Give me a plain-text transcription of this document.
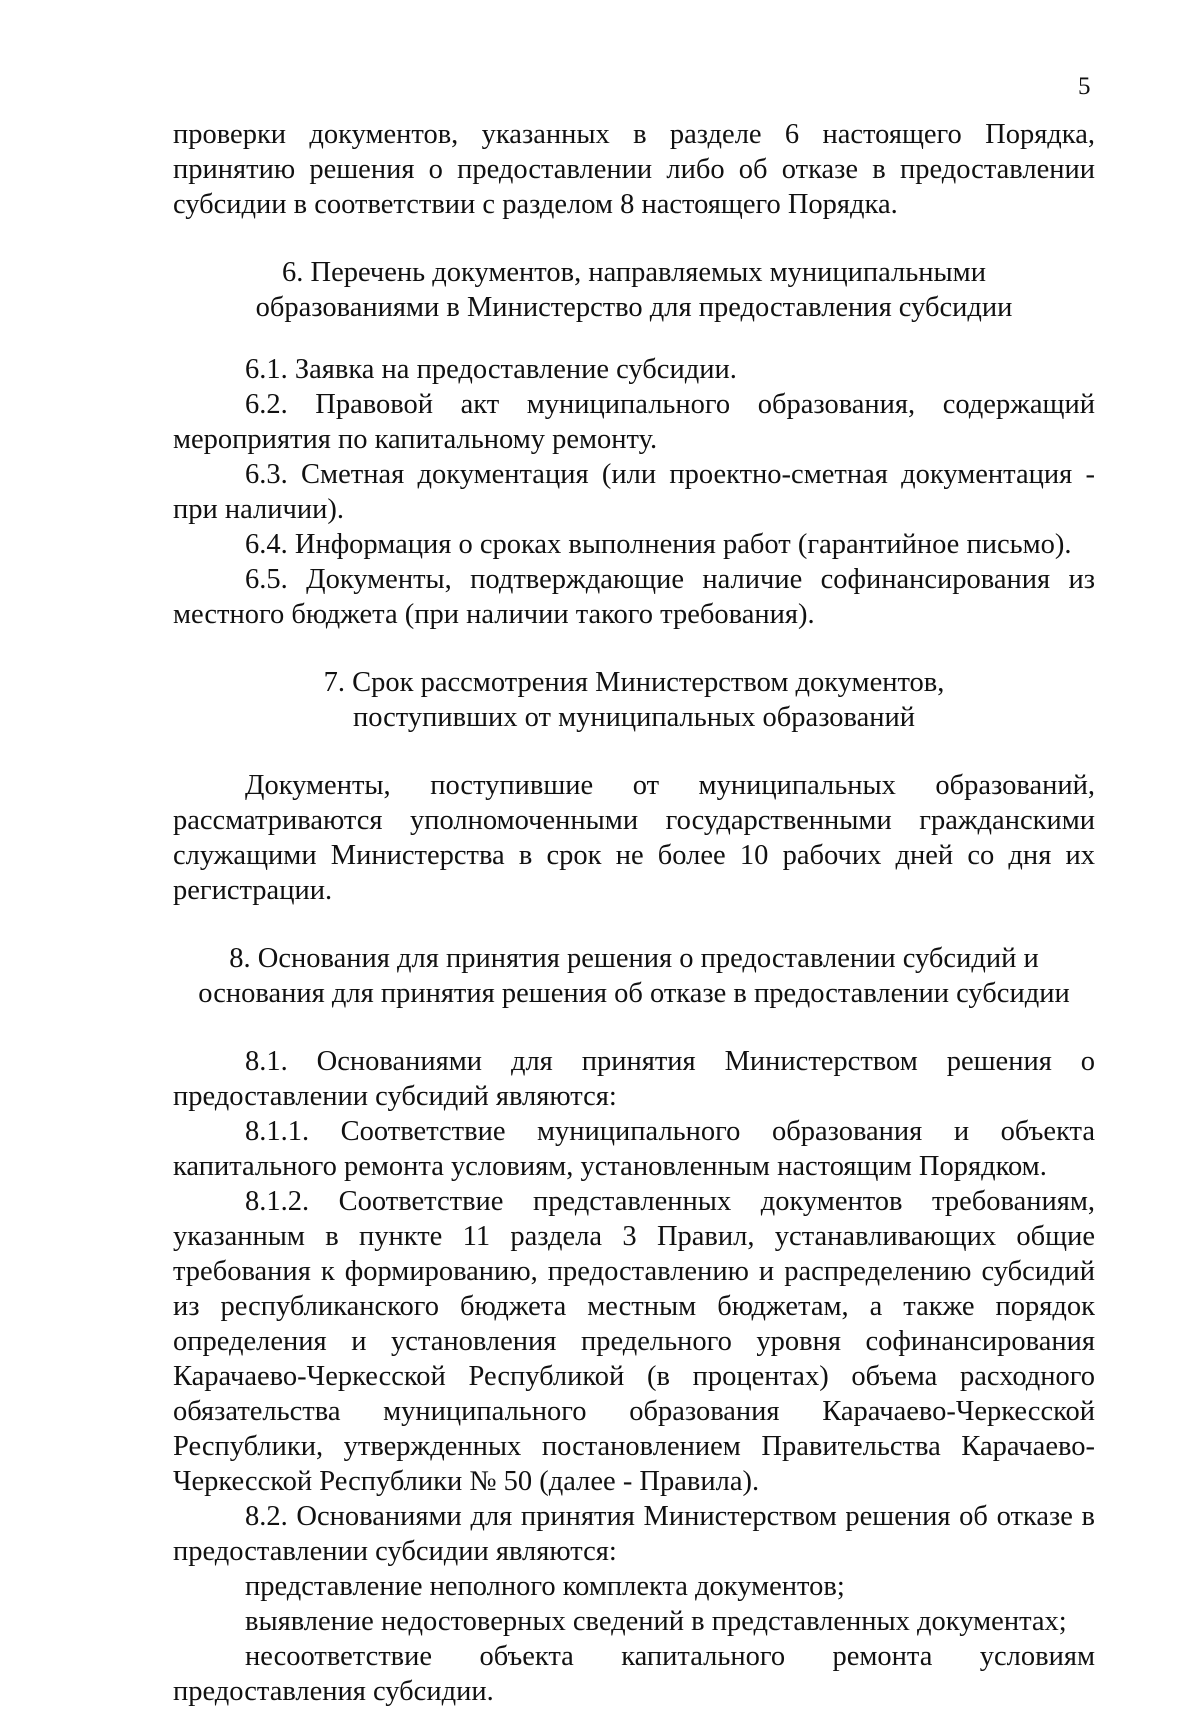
5

проверки документов, указанных в разделе 6 настоящего Порядка, принятию решения о предоставлении либо об отказе в предоставлении субсидии в соответствии с разделом 8 настоящего Порядка.

6. Перечень документов, направляемых муниципальными
образованиями в Министерство для предоставления субсидии

6.1. Заявка на предоставление субсидии.

6.2. Правовой акт муниципального образования, содержащий мероприятия по капитальному ремонту.

6.3. Сметная документация (или проектно-сметная документация - при наличии).

6.4. Информация о сроках выполнения работ (гарантийное письмо).

6.5. Документы, подтверждающие наличие софинансирования из местного бюджета (при наличии такого требования).

7. Срок рассмотрения Министерством документов,
поступивших от муниципальных образований

Документы, поступившие от муниципальных образований, рассматриваются уполномоченными государственными гражданскими служащими Министерства в срок не более 10 рабочих дней со дня их регистрации.

8. Основания для принятия решения о предоставлении субсидий и
основания для принятия решения об отказе в предоставлении субсидии

8.1. Основаниями для принятия Министерством решения о предоставлении субсидий являются:

8.1.1. Соответствие муниципального образования и объекта капитального ремонта условиям, установленным настоящим Порядком.

8.1.2. Соответствие представленных документов требованиям, указанным в пункте 11 раздела 3 Правил, устанавливающих общие требования к формированию, предоставлению и распределению субсидий из республиканского бюджета местным бюджетам, а также порядок определения и установления предельного уровня софинансирования Карачаево-Черкесской Республикой (в процентах) объема расходного обязательства муниципального образования Карачаево-Черкесской Республики, утвержденных постановлением Правительства Карачаево-Черкесской Республики № 50 (далее - Правила).

8.2. Основаниями для принятия Министерством решения об отказе в предоставлении субсидии являются:

представление неполного комплекта документов;

выявление недостоверных сведений в представленных документах;

несоответствие объекта капитального ремонта условиям предоставления субсидии.
